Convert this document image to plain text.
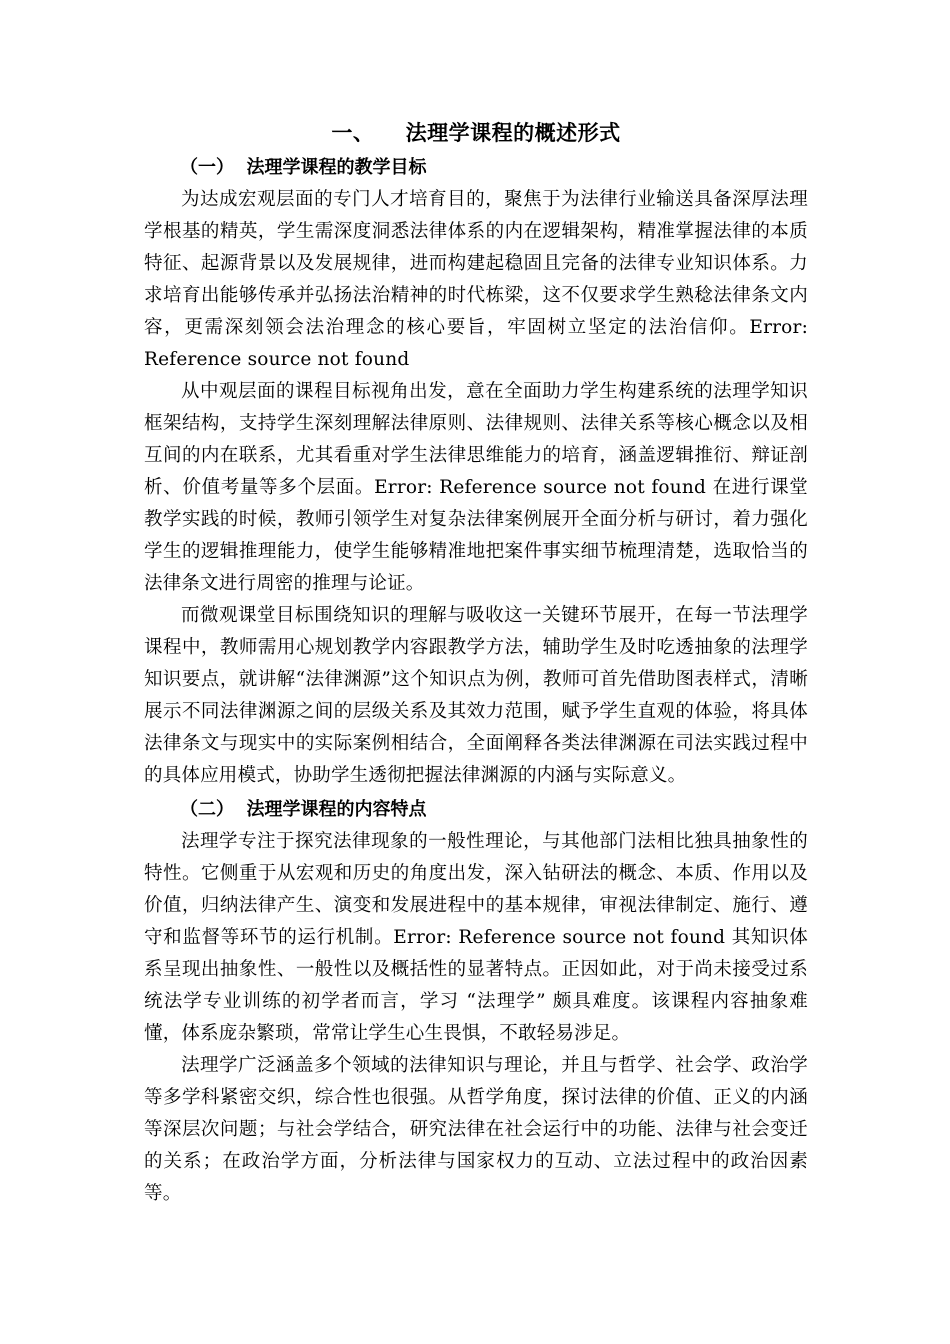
一、    法理学课程的概述形式
（一）  法理学课程的教学目标

为达成宏观层面的专门人才培育目的，聚焦于为法律行业输送具备深厚法理学根基的精英，学生需深度洞悉法律体系的内在逻辑架构，精准掌握法律的本质特征、起源背景以及发展规律，进而构建起稳固且完备的法律专业知识体系。力求培育出能够传承并弘扬法治精神的时代栋梁，这不仅要求学生熟稔法律条文内容，更需深刻领会法治理念的核心要旨，牢固树立坚定的法治信仰。Error: Reference source not found

从中观层面的课程目标视角出发，意在全面助力学生构建系统的法理学知识框架结构，支持学生深刻理解法律原则、法律规则、法律关系等核心概念以及相互间的内在联系，尤其看重对学生法律思维能力的培育，涵盖逻辑推衍、辩证剖析、价值考量等多个层面。Error: Reference source not found 在进行课堂教学实践的时候，教师引领学生对复杂法律案例展开全面分析与研讨，着力强化学生的逻辑推理能力，使学生能够精准地把案件事实细节梳理清楚，选取恰当的法律条文进行周密的推理与论证。

而微观课堂目标围绕知识的理解与吸收这一关键环节展开，在每一节法理学课程中，教师需用心规划教学内容跟教学方法，辅助学生及时吃透抽象的法理学知识要点，就讲解“法律渊源”这个知识点为例，教师可首先借助图表样式，清晰展示不同法律渊源之间的层级关系及其效力范围，赋予学生直观的体验，将具体法律条文与现实中的实际案例相结合，全面阐释各类法律渊源在司法实践过程中的具体应用模式，协助学生透彻把握法律渊源的内涵与实际意义。

（二）  法理学课程的内容特点

法理学专注于探究法律现象的一般性理论，与其他部门法相比独具抽象性的特性。它侧重于从宏观和历史的角度出发，深入钻研法的概念、本质、作用以及价值，归纳法律产生、演变和发展进程中的基本规律，审视法律制定、施行、遵守和监督等环节的运行机制。Error: Reference source not found 其知识体系呈现出抽象性、一般性以及概括性的显著特点。正因如此，对于尚未接受过系统法学专业训练的初学者而言，学习 “法理学” 颇具难度。该课程内容抽象难懂，体系庞杂繁琐，常常让学生心生畏惧，不敢轻易涉足。

法理学广泛涵盖多个领域的法律知识与理论，并且与哲学、社会学、政治学等多学科紧密交织，综合性也很强。从哲学角度，探讨法律的价值、正义的内涵等深层次问题；与社会学结合，研究法律在社会运行中的功能、法律与社会变迁的关系；在政治学方面，分析法律与国家权力的互动、立法过程中的政治因素等。
